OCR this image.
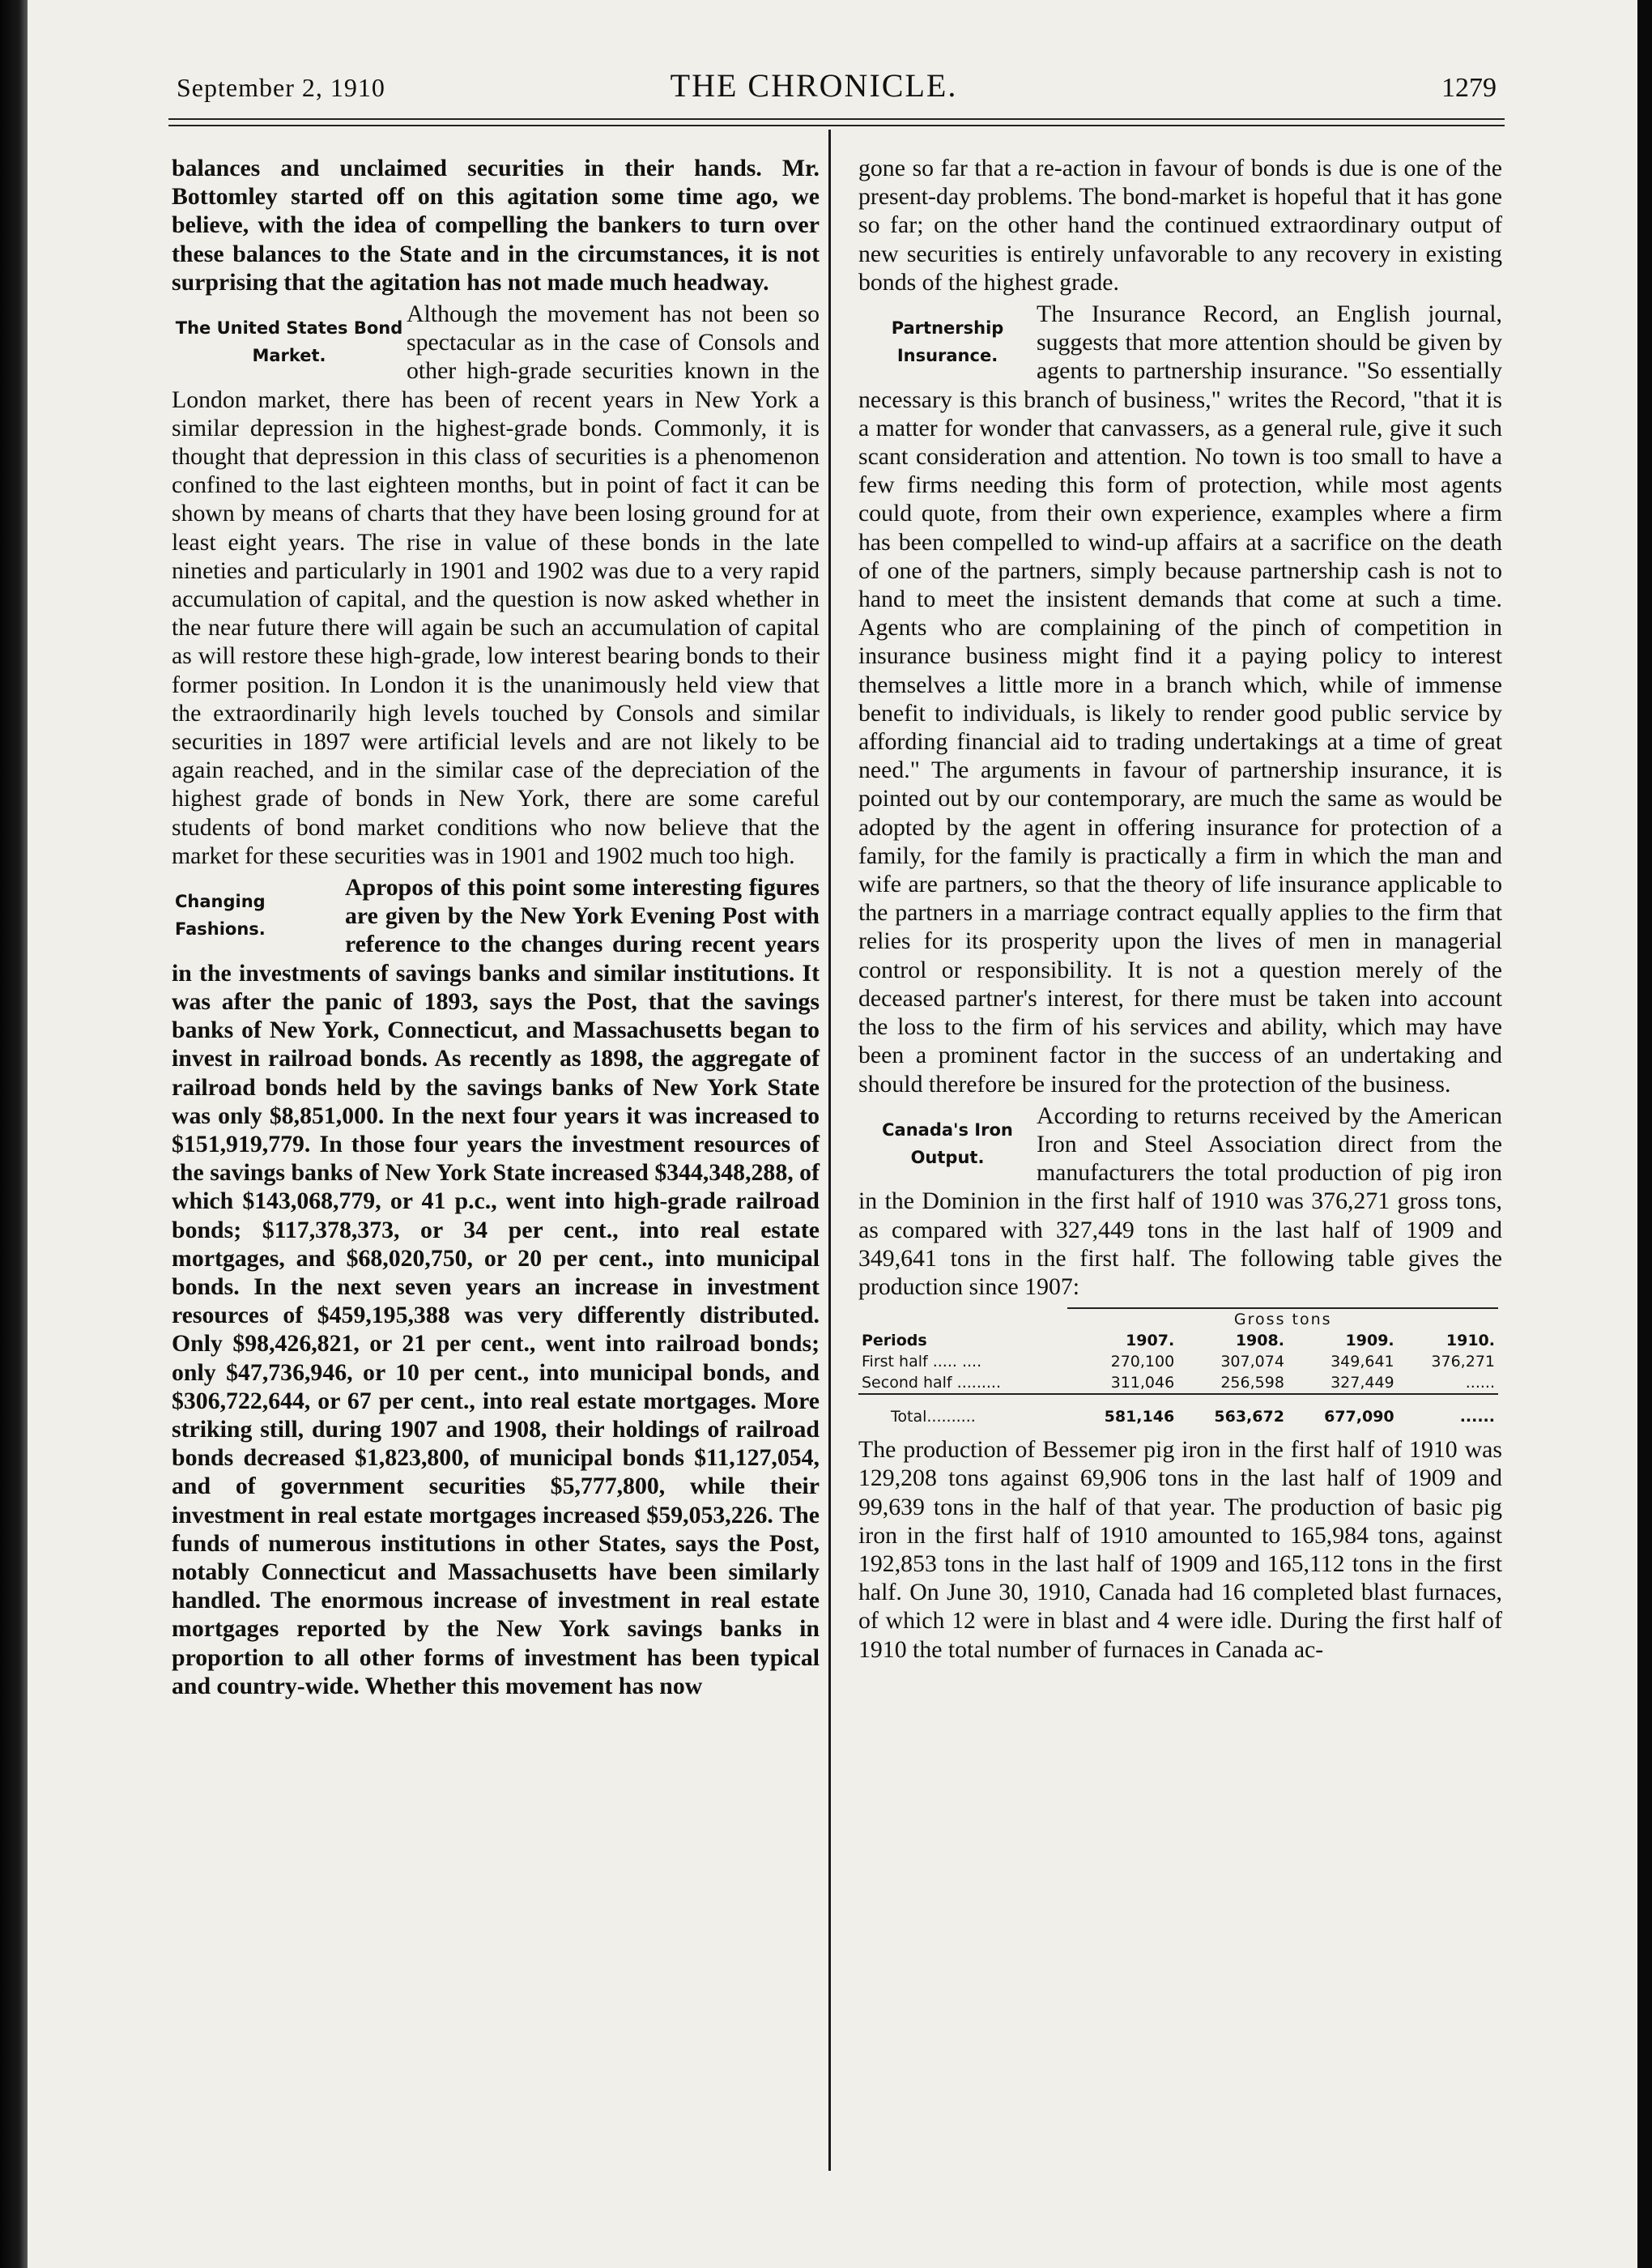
September 2, 1910	THE CHRONICLE.	1279

balances and unclaimed securities in their hands. Mr. Bottomley started off on this agitation some time ago, we believe, with the idea of compelling the bankers to turn over these balances to the State and in the circumstances, it is not surprising that the agitation has not made much headway.

The United States Bond Market.

Although the movement has not been so spectacular as in the case of Consols and other high-grade securities known in the London market, there has been of recent years in New York a similar depression in the highest-grade bonds. Commonly, it is thought that depression in this class of securities is a phenomenon confined to the last eighteen months, but in point of fact it can be shown by means of charts that they have been losing ground for at least eight years. The rise in value of these bonds in the late nineties and particularly in 1901 and 1902 was due to a very rapid accumulation of capital, and the question is now asked whether in the near future there will again be such an accumulation of capital as will restore these high-grade, low interest bearing bonds to their former position. In London it is the unanimously held view that the extraordinarily high levels touched by Consols and similar securities in 1897 were artificial levels and are not likely to be again reached, and in the similar case of the depreciation of the highest grade of bonds in New York, there are some careful students of bond market conditions who now believe that the market for these securities was in 1901 and 1902 much too high.

Changing Fashions.

Apropos of this point some interesting figures are given by the New York Evening Post with reference to the changes during recent years in the investments of savings banks and similar institutions. It was after the panic of 1893, says the Post, that the savings banks of New York, Connecticut, and Massachusetts began to invest in railroad bonds. As recently as 1898, the aggregate of railroad bonds held by the savings banks of New York State was only $8,851,000. In the next four years it was increased to $151,919,779. In those four years the investment resources of the savings banks of New York State increased $344,348,288, of which $143,068,779, or 41 p.c., went into high-grade railroad bonds; $117,378,373, or 34 per cent., into real estate mortgages, and $68,020,750, or 20 per cent., into municipal bonds. In the next seven years an increase in investment resources of $459,195,388 was very differently distributed. Only $98,426,821, or 21 per cent., went into railroad bonds; only $47,736,946, or 10 per cent., into municipal bonds, and $306,722,644, or 67 per cent., into real estate mortgages. More striking still, during 1907 and 1908, their holdings of railroad bonds decreased $1,823,800, of municipal bonds $11,127,054, and of government securities $5,777,800, while their investment in real estate mortgages increased $59,053,226. The funds of numerous institutions in other States, says the Post, notably Connecticut and Massachusetts have been similarly handled. The enormous increase of investment in real estate mortgages reported by the New York savings banks in proportion to all other forms of investment has been typical and country-wide. Whether this movement has now

gone so far that a re-action in favour of bonds is due is one of the present-day problems. The bond-market is hopeful that it has gone so far; on the other hand the continued extraordinary output of new securities is entirely unfavorable to any recovery in existing bonds of the highest grade.

Partnership Insurance.

The Insurance Record, an English journal, suggests that more attention should be given by agents to partnership insurance. "So essentially necessary is this branch of business," writes the Record, "that it is a matter for wonder that canvassers, as a general rule, give it such scant consideration and attention. No town is too small to have a few firms needing this form of protection, while most agents could quote, from their own experience, examples where a firm has been compelled to wind-up affairs at a sacrifice on the death of one of the partners, simply because partnership cash is not to hand to meet the insistent demands that come at such a time. Agents who are complaining of the pinch of competition in insurance business might find it a paying policy to interest themselves a little more in a branch which, while of immense benefit to individuals, is likely to render good public service by affording financial aid to trading undertakings at a time of great need." The arguments in favour of partnership insurance, it is pointed out by our contemporary, are much the same as would be adopted by the agent in offering insurance for protection of a family, for the family is practically a firm in which the man and wife are partners, so that the theory of life insurance applicable to the partners in a marriage contract equally applies to the firm that relies for its prosperity upon the lives of men in managerial control or responsibility. It is not a question merely of the deceased partner's interest, for there must be taken into account the loss to the firm of his services and ability, which may have been a prominent factor in the success of an undertaking and should therefore be insured for the protection of the business.

Canada's Iron Output.

According to returns received by the American Iron and Steel Association direct from the manufacturers the total production of pig iron in the Dominion in the first half of 1910 was 376,271 gross tons, as compared with 327,449 tons in the last half of 1909 and 349,641 tons in the first half. The following table gives the production since 1907:

	Gross tons			
Periods	1907.	1908.	1909.	1910.
First half ..... ....	270,100	307,074	349,641	376,271
Second half .........	311,046	256,598	327,449	......
Total..........	581,146	563,672	677,090	......

The production of Bessemer pig iron in the first half of 1910 was 129,208 tons against 69,906 tons in the last half of 1909 and 99,639 tons in the half of that year. The production of basic pig iron in the first half of 1910 amounted to 165,984 tons, against 192,853 tons in the last half of 1909 and 165,112 tons in the first half. On June 30, 1910, Canada had 16 completed blast furnaces, of which 12 were in blast and 4 were idle. During the first half of 1910 the total number of furnaces in Canada ac-
